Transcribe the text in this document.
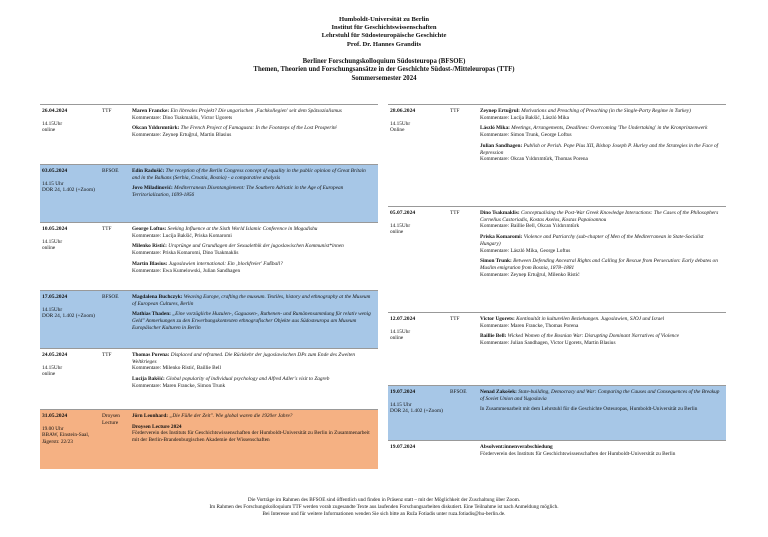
Humboldt-Universität zu Berlin
Institut für Geschichtswissenschaften
Lehrstuhl für Südosteuropäische Geschichte
Prof. Dr. Hannes Grandits
Berliner Forschungskolloquium Südosteuropa (BFSOE)
Themen, Theorien und Forschungsansätze in der Geschichte Südost-/Mitteleuropas (TTF)
Sommersemester 2024
26.04.2024
14.15Uhr
online
TTF	Maren Francke: Ein libreales Projekt? Die ungarischen ‚Fachkollegien' seit dem Spätsozialismus
Kommentare: Dino Tsakmaklis, Victor Ugorets
Okcan Yıldırımtürk: The French Project of Famagusta: In the Footsteps of the Lost Prosperité
Kommentare: Zeynep Ertuğrul, Martin Blasius
03.05.2024
14.15 Uhr
DOR 24, 1.402 (+Zoom)
BFSOE	Edin Radušić: The reception of the Berlin Congress concept of equality in the public opinion of Great Britain and in the Balkans (Serbia, Croatia, Bosnia) - a comparative analysis
Jovo Miladinović: Mediterranean Disentanglement: The Southern Adriatic in the Age of European Territorialization, 1699-1856
10.05.2024
14.15Uhr
online
TTF	George Loftus: Seeking Influence at the Sixth World Islamic Conference in Mogadishu
Kommentare: Lucija Bakšić, Priska Komaromi
Milenko Ristić: Ursprünge und Grundlagen der Sexualethik der jugoslawischen Kommunist*innen
Kommentare: Priska Komaromi, Dino Tsakmaklis
Martin Blasius: Jugoslawien international: Ein ‚blockfreier' Fußball?
Kommentare: Ewa Kumelowski, Julian Sandhagen
17.05.2024
14.15Uhr
DOR 24, 1.402 (+Zoom)
BFSOE	Magdalena Buchczyk: Weaving Europe, crafting the museum. Textiles, history and ethnography at the Museum of European Cultures, Berlin
Mathias Thaden: „Eine vorzügliche Huzulen-, Gaguasen-, Ruthenen- und Rumänensammlung für relativ wenig Geld" Anmerkungen zu den Erwerbungskontexten ethnografischer Objekte aus Südosteuropa am Museum Europäischer Kulturen in Berlin
24.05.2024
14.15Uhr
online
TTF	Thomas Porena: Displaced and reframed. Die Rückkehr der jugoslawischen DPs zum Ende des Zweiten Weltkrieges
Kommentare: Milenko Ristić, Baillie Bell
Lucija Bakšić: Global popularity of individual psychology and Alfred Adler's visit to Zagreb
Kommentare: Maren Francke, Simon Trunk
31.05.2024
19.00 Uhr
BBAW, Einstein-Saal, Jägerstr. 22/23
Droysen Lecture
Jörn Leonhard: „Die Fülle der Zeit". Wie global waren die 1920er Jahre?
Droysen Lecture 2024
Förderverein des Instituts für Geschichtswissenschaften der Humboldt-Universität zu Berlin in Zusammenarbeit mit der Berlin-Brandenburgischen Akademie der Wissenschaften
28.06.2024
14.15Uhr
Online
TTF	Zeynep Ertuğrul: Motivations and Preaching of Preaching (in the Single-Party Regime in Turkey)
Kommentare: Lucija Bakšić, László Mika
László Mika: Meetings, Arrangements, Deadlines: Overcoming 'The Undertaking' in the Kronprinzenwerk
Kommentare: Simon Trunk, George Loftus
Julian Sandhagen: Publish or Perish. Pope Pius XII, Bishop Joseph P. Hurley and the Strategies in the Face of Repression
Kommentare: Okcan Yıldırımtürk, Thomas Porena
05.07.2024
14.15Uhr
online
TTF	Dino Tsakmaklis: Conceptualising the Post-War Greek Knowledge Interactions: The Cases of the Philosophers Cornelius Castoriadis, Kostas Axelos, Kostas Papaioannou
Kommentare: Baillie Bell, Okcan Yıldırımtürk
Priska Komaromi: Violence and Patriarchy (sub-chapter of Men of the Mediterranean in State-Socialist Hungary)
Kommentare: László Mika, George Loftus
Simon Trunk: Between Defending Ancestral Rights and Calling for Rescue from Persecution: Early debates on Muslim emigration from Bosnia, 1878–1881
Kommentare: Zeynep Ertuğrul, Milenko Ristić
12.07.2024
14.15Uhr
online
TTF	Victor Ugorets: Kontinuität in kulturellen Beziehungen. Jugoslawien, SJOJ und Israel
Kommentare: Maren Francke, Thomas Porena
Baillie Bell: Wicked Women of the Bosnian War: Disrupting Dominant Narratives of Violence
Kommentare: Julian Sandhagen, Victor Ugorets, Martin Blasius
19.07.2024
14.15 Uhr
DOR 24, 1.402 (+Zoom)
BFSOE	Nenad Zakošek: State-building, Democracy and War: Comparing the Causes and Consequences of the Breakup of Soviet Union and Yugoslavia
In Zusammenarbeit mit dem Lehrstuhl für die Geschichte Osteuropas, Humboldt-Universität zu Berlin
19.07.2024	Absolvent:innenverabschiedung
Förderverein des Instituts für Geschichtswissenschaften der Humboldt-Universität zu Berlin
Die Vorträge im Rahmen des BFSOE sind öffentlich und finden in Präsenz statt – mit der Möglichkeit der Zuschaltung über Zoom.
Im Rahmen des Forschungskolloquium TTF werden vorab zugesandte Texte aus laufenden Forschungsarbeiten diskutiert. Eine Teilnahme ist nach Anmeldung möglich.
Bei Interesse und für weitere Informationen wenden Sie sich bitte an Ruža Fotiadis unter ruza.fotiadis@hu-berlin.de.
